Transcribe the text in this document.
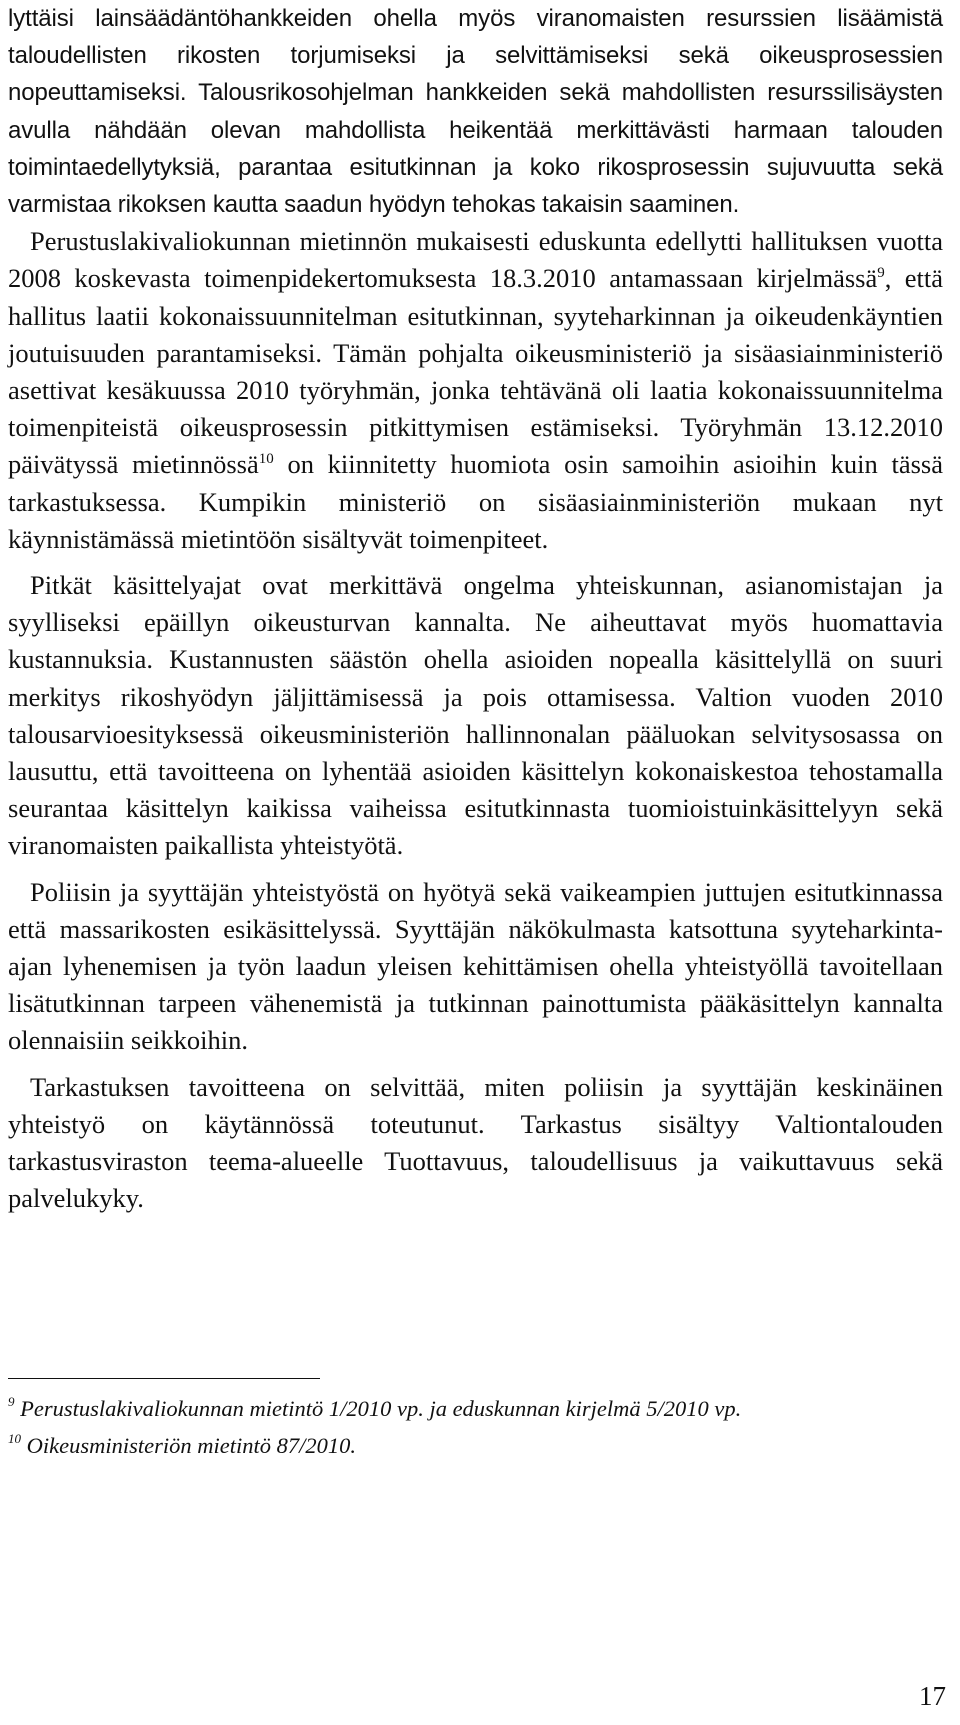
lyttäisi lainsäädäntöhankkeiden ohella myös viranomaisten resurssien lisäämistä taloudellisten rikosten torjumiseksi ja selvittämiseksi sekä oikeusprosessien nopeuttamiseksi. Talousrikosohjelman hankkeiden sekä mahdollisten resurssilisäysten avulla nähdään olevan mahdollista heikentää merkittävästi harmaan talouden toimintaedellytyksiä, parantaa esitutkinnan ja koko rikosprosessin sujuvuutta sekä varmistaa rikoksen kautta saadun hyödyn tehokas takaisin saaminen.

Perustuslakivaliokunnan mietinnön mukaisesti eduskunta edellytti hallituksen vuotta 2008 koskevasta toimenpidekertomuksesta 18.3.2010 antamassaan kirjelmässä$^9$, että hallitus laatii kokonaissuunnitelman esitutkinnan, syyteharkinnan ja oikeudenkäyntien joutuisuuden parantamiseksi. Tämän pohjalta oikeusministeriö ja sisäasiainministeriö asettivat kesäkuussa 2010 työryhmän, jonka tehtävänä oli laatia kokonaissuunnitelma toimenpiteistä oikeusprosessin pitkittymisen estämiseksi. Työryhmän 13.12.2010 päivätyssä mietinnössä$^{10}$ on kiinnitetty huomiota osin samoihin asioihin kuin tässä tarkastuksessa. Kumpikin ministeriö on sisäasiainministeriön mukaan nyt käynnistämässä mietintöön sisältyvät toimenpiteet.

Pitkät käsittelyajat ovat merkittävä ongelma yhteiskunnan, asianomistajan ja syylliseksi epäillyn oikeusturvan kannalta. Ne aiheuttavat myös huomattavia kustannuksia. Kustannusten säästön ohella asioiden nopealla käsittelyllä on suuri merkitys rikoshyödyn jäljittämisessä ja pois ottamisessa. Valtion vuoden 2010 talousarvioesityksessä oikeusministeriön hallinnonalan pääluokan selvitysosassa on lausuttu, että tavoitteena on lyhentää asioiden käsittelyn kokonaiskestoa tehostamalla seurantaa käsittelyn kaikissa vaiheissa esitutkinnasta tuomioistuinkäsittelyyn sekä viranomaisten paikallista yhteistyötä.

Poliisin ja syyttäjän yhteistyöstä on hyötyä sekä vaikeampien juttujen esitutkinnassa että massarikosten esikäsittelyssä. Syyttäjän näkökulmasta katsottuna syyteharkinta-ajan lyhenemisen ja työn laadun yleisen kehittämisen ohella yhteistyöllä tavoitellaan lisätutkinnan tarpeen vähenemistä ja tutkinnan painottumista pääkäsittelyn kannalta olennaisiin seikkoihin.

Tarkastuksen tavoitteena on selvittää, miten poliisin ja syyttäjän keskinäinen yhteistyö on käytännössä toteutunut. Tarkastus sisältyy Valtiontalouden tarkastusviraston teema-alueelle Tuottavuus, taloudellisuus ja vaikuttavuus sekä palvelukyky.

$^9$ Perustuslakivaliokunnan mietintö 1/2010 vp. ja eduskunnan kirjelmä 5/2010 vp.

$^{10}$ Oikeusministeriön mietintö 87/2010.

17
